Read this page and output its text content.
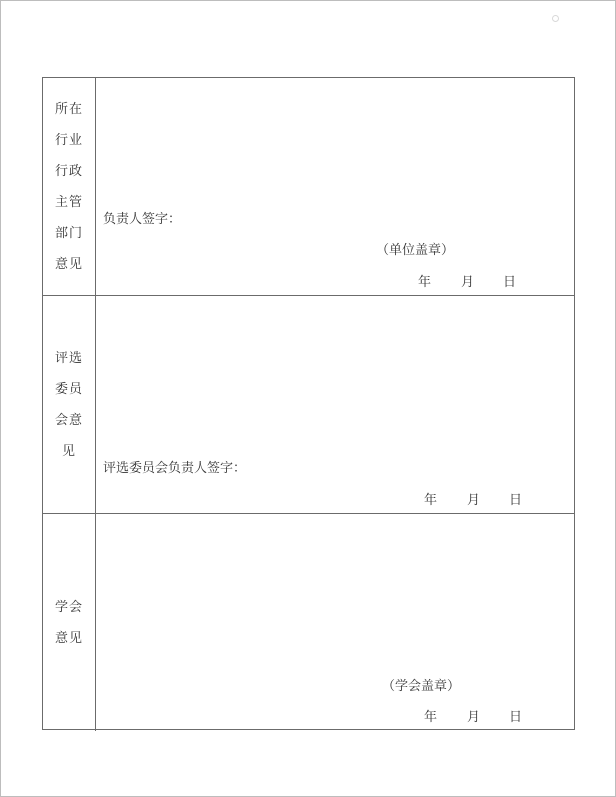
所在
行业
行政
主管
部门
意见
负责人签字：
（单位盖章）
年 月 日
评选
委员
会意
见
评选委员会负责人签字：
年 月 日
学会
意见
（学会盖章）
年 月 日
